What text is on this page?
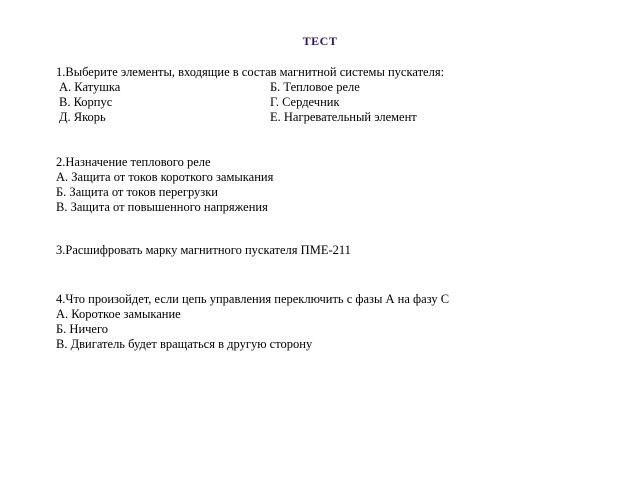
ТЕСТ
1.Выберите элементы, входящие в состав магнитной системы пускателя:
А. Катушка	Б. Тепловое реле
В. Корпус	Г. Сердечник
Д. Якорь	Е. Нагревательный элемент
2.Назначение теплового реле
А. Защита от токов короткого замыкания
Б. Защита от токов перегрузки
В. Защита от повышенного напряжения
3.Расшифровать марку магнитного пускателя ПМЕ-211
4.Что произойдет, если цепь управления переключить с фазы А на фазу С
А. Короткое замыкание
Б. Ничего
В. Двигатель будет вращаться в другую сторону
